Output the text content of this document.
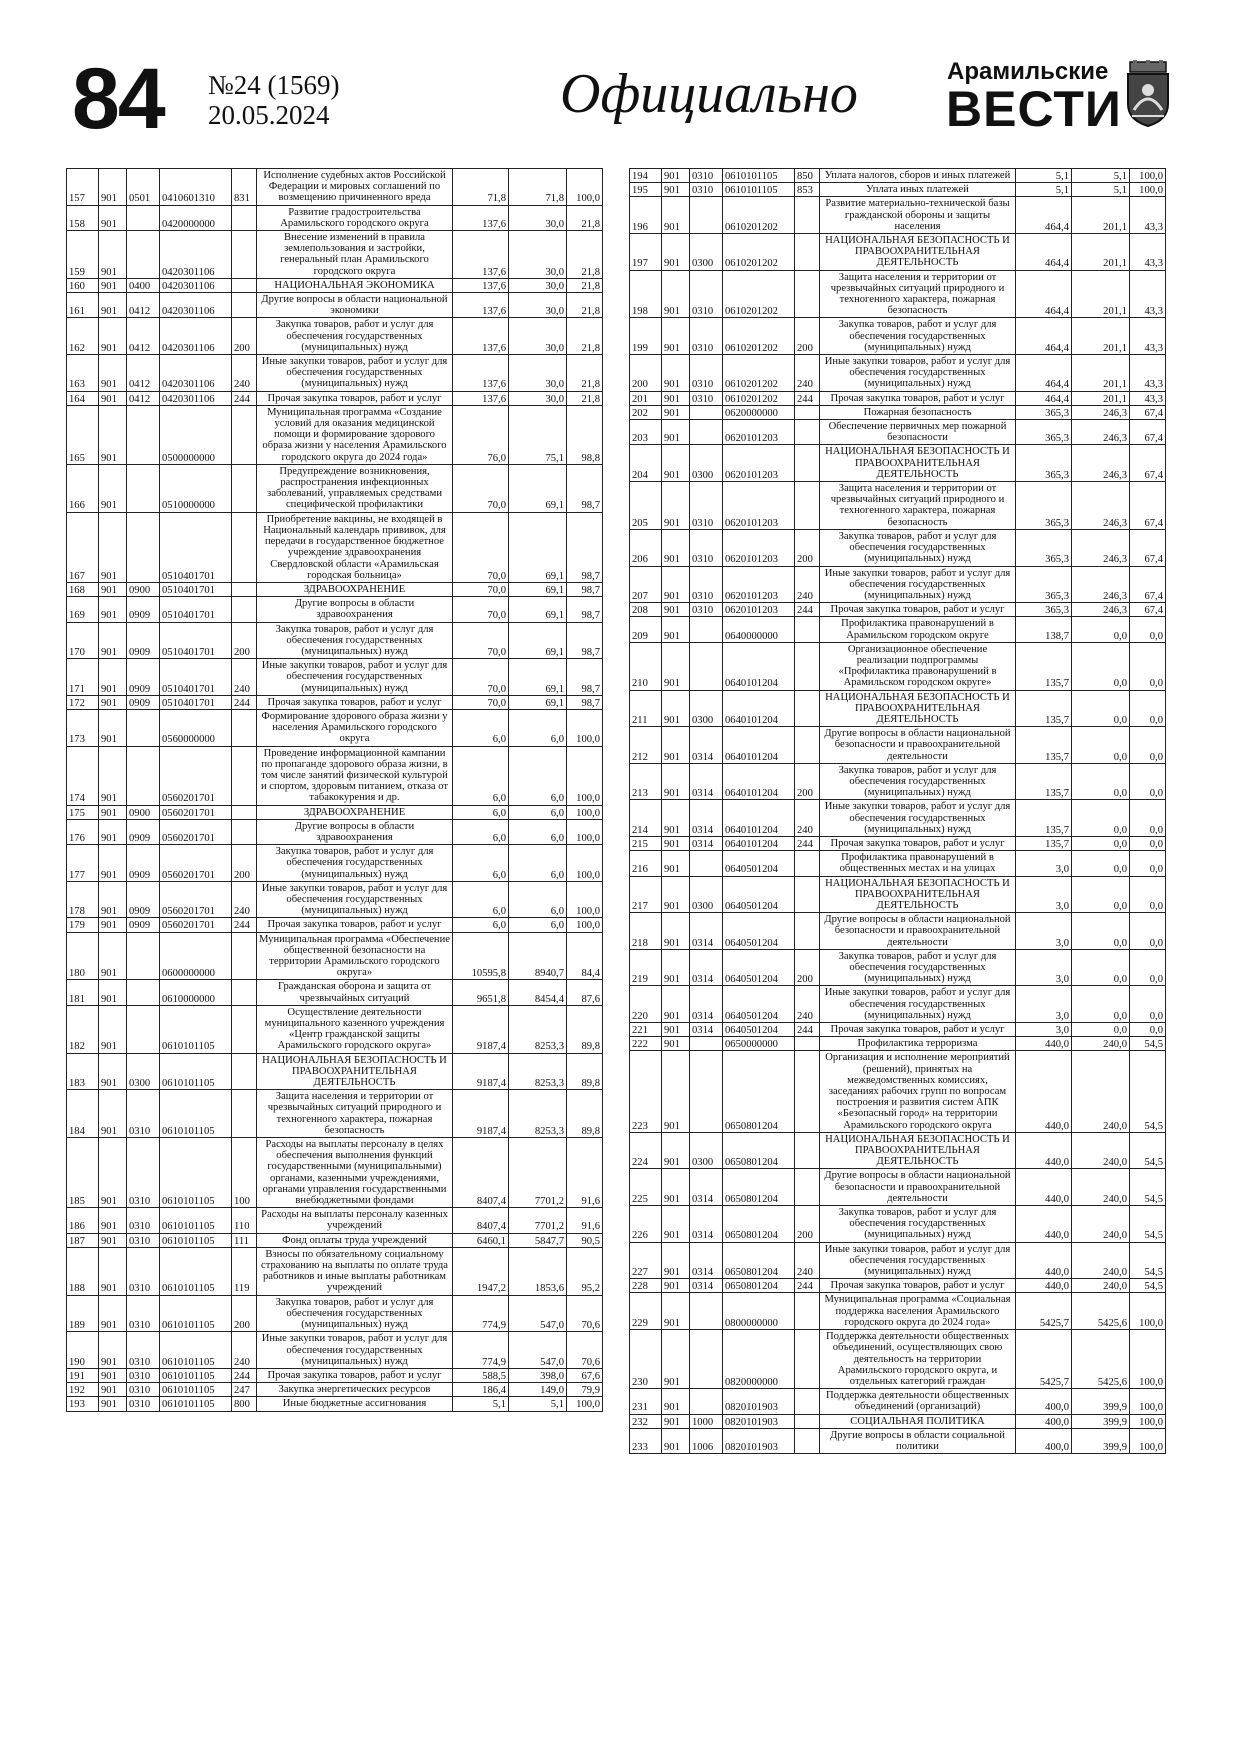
84 №24 (1569)
20.05.2024	Официально	Арамильские
ВЕСТИ
157	901	0501	0410601310	831	Исполнение судебных актов Российской Федерации и мировых соглашений по возмещению причиненного вреда	71,8	71,8	100,0
158	901		0420000000		Развитие градостроительства Арамильского городского округа	137,6	30,0	21,8
159	901		0420301106		Внесение изменений в правила землепользования и застройки, генеральный план Арамильского городского округа	137,6	30,0	21,8
160	901	0400	0420301106		НАЦИОНАЛЬНАЯ ЭКОНОМИКА	137,6	30,0	21,8
161	901	0412	0420301106		Другие вопросы в области национальной экономики	137,6	30,0	21,8
162	901	0412	0420301106	200	Закупка товаров, работ и услуг для обеспечения государственных (муниципальных) нужд	137,6	30,0	21,8
163	901	0412	0420301106	240	Иные закупки товаров, работ и услуг для обеспечения государственных (муниципальных) нужд	137,6	30,0	21,8
164	901	0412	0420301106	244	Прочая закупка товаров, работ и услуг	137,6	30,0	21,8
165	901		0500000000		Муниципальная программа «Создание условий для оказания медицинской помощи и формирование здорового образа жизни у населения Арамильского городского округа до 2024 года»	76,0	75,1	98,8
166	901		0510000000		Предупреждение возникновения, распространения инфекционных заболеваний, управляемых средствами специфической профилактики	70,0	69,1	98,7
167	901		0510401701		Приобретение вакцины, не входящей в Национальный календарь прививок, для передачи в государственное бюджетное учреждение здравоохранения Свердловской области «Арамильская городская больница»	70,0	69,1	98,7
168	901	0900	0510401701		ЗДРАВООХРАНЕНИЕ	70,0	69,1	98,7
169	901	0909	0510401701		Другие вопросы в области здравоохранения	70,0	69,1	98,7
170	901	0909	0510401701	200	Закупка товаров, работ и услуг для обеспечения государственных (муниципальных) нужд	70,0	69,1	98,7
171	901	0909	0510401701	240	Иные закупки товаров, работ и услуг для обеспечения государственных (муниципальных) нужд	70,0	69,1	98,7
172	901	0909	0510401701	244	Прочая закупка товаров, работ и услуг	70,0	69,1	98,7
173	901		0560000000		Формирование здорового образа жизни у населения Арамильского городского округа	6,0	6,0	100,0
174	901		0560201701		Проведение информационной кампании по пропаганде здорового образа жизни, в том числе занятий физической культурой и спортом, здоровым питанием, отказа от табакокурения и др.	6,0	6,0	100,0
175	901	0900	0560201701		ЗДРАВООХРАНЕНИЕ	6,0	6,0	100,0
176	901	0909	0560201701		Другие вопросы в области здравоохранения	6,0	6,0	100,0
177	901	0909	0560201701	200	Закупка товаров, работ и услуг для обеспечения государственных (муниципальных) нужд	6,0	6,0	100,0
178	901	0909	0560201701	240	Иные закупки товаров, работ и услуг для обеспечения государственных (муниципальных) нужд	6,0	6,0	100,0
179	901	0909	0560201701	244	Прочая закупка товаров, работ и услуг	6,0	6,0	100,0
180	901		0600000000		Муниципальная программа «Обеспечение общественной безопасности на территории Арамильского городского округа»	10595,8	8940,7	84,4
181	901		0610000000		Гражданская оборона и защита от чрезвычайных ситуаций	9651,8	8454,4	87,6
182	901		0610101105		Осуществление деятельности муниципального казенного учреждения «Центр гражданской защиты Арамильского городского округа»	9187,4	8253,3	89,8
183	901	0300	0610101105		НАЦИОНАЛЬНАЯ БЕЗОПАСНОСТЬ И ПРАВООХРАНИТЕЛЬНАЯ ДЕЯТЕЛЬНОСТЬ	9187,4	8253,3	89,8
184	901	0310	0610101105		Защита населения и территории от чрезвычайных ситуаций природного и техногенного характера, пожарная безопасность	9187,4	8253,3	89,8
185	901	0310	0610101105	100	Расходы на выплаты персоналу в целях обеспечения выполнения функций государственными (муниципальными) органами, казенными учреждениями, органами управления государственными внебюджетными фондами	8407,4	7701,2	91,6
186	901	0310	0610101105	110	Расходы на выплаты персоналу казенных учреждений	8407,4	7701,2	91,6
187	901	0310	0610101105	111	Фонд оплаты труда учреждений	6460,1	5847,7	90,5
188	901	0310	0610101105	119	Взносы по обязательному социальному страхованию на выплаты по оплате труда работников и иные выплаты работникам учреждений	1947,2	1853,6	95,2
189	901	0310	0610101105	200	Закупка товаров, работ и услуг для обеспечения государственных (муниципальных) нужд	774,9	547,0	70,6
190	901	0310	0610101105	240	Иные закупки товаров, работ и услуг для обеспечения государственных (муниципальных) нужд	774,9	547,0	70,6
191	901	0310	0610101105	244	Прочая закупка товаров, работ и услуг	588,5	398,0	67,6
192	901	0310	0610101105	247	Закупка энергетических ресурсов	186,4	149,0	79,9
193	901	0310	0610101105	800	Иные бюджетные ассигнования	5,1	5,1	100,0
194	901	0310	0610101105	850	Уплата налогов, сборов и иных платежей	5,1	5,1	100,0
195	901	0310	0610101105	853	Уплата иных платежей	5,1	5,1	100,0
196	901		0610201202		Развитие материально-технической базы гражданской обороны и защиты населения	464,4	201,1	43,3
197	901	0300	0610201202		НАЦИОНАЛЬНАЯ БЕЗОПАСНОСТЬ И ПРАВООХРАНИТЕЛЬНАЯ ДЕЯТЕЛЬНОСТЬ	464,4	201,1	43,3
198	901	0310	0610201202		Защита населения и территории от чрезвычайных ситуаций природного и техногенного характера, пожарная безопасность	464,4	201,1	43,3
199	901	0310	0610201202	200	Закупка товаров, работ и услуг для обеспечения государственных (муниципальных) нужд	464,4	201,1	43,3
200	901	0310	0610201202	240	Иные закупки товаров, работ и услуг для обеспечения государственных (муниципальных) нужд	464,4	201,1	43,3
201	901	0310	0610201202	244	Прочая закупка товаров, работ и услуг	464,4	201,1	43,3
202	901		0620000000		Пожарная безопасность	365,3	246,3	67,4
203	901		0620101203		Обеспечение первичных мер пожарной безопасности	365,3	246,3	67,4
204	901	0300	0620101203		НАЦИОНАЛЬНАЯ БЕЗОПАСНОСТЬ И ПРАВООХРАНИТЕЛЬНАЯ ДЕЯТЕЛЬНОСТЬ	365,3	246,3	67,4
205	901	0310	0620101203		Защита населения и территории от чрезвычайных ситуаций природного и техногенного характера, пожарная безопасность	365,3	246,3	67,4
206	901	0310	0620101203	200	Закупка товаров, работ и услуг для обеспечения государственных (муниципальных) нужд	365,3	246,3	67,4
207	901	0310	0620101203	240	Иные закупки товаров, работ и услуг для обеспечения государственных (муниципальных) нужд	365,3	246,3	67,4
208	901	0310	0620101203	244	Прочая закупка товаров, работ и услуг	365,3	246,3	67,4
209	901		0640000000		Профилактика правонарушений в Арамильском городском округе	138,7	0,0	0,0
210	901		0640101204		Организационное обеспечение реализации подпрограммы «Профилактика правонарушений в Арамильском городском округе»	135,7	0,0	0,0
211	901	0300	0640101204		НАЦИОНАЛЬНАЯ БЕЗОПАСНОСТЬ И ПРАВООХРАНИТЕЛЬНАЯ ДЕЯТЕЛЬНОСТЬ	135,7	0,0	0,0
212	901	0314	0640101204		Другие вопросы в области национальной безопасности и правоохранительной деятельности	135,7	0,0	0,0
213	901	0314	0640101204	200	Закупка товаров, работ и услуг для обеспечения государственных (муниципальных) нужд	135,7	0,0	0,0
214	901	0314	0640101204	240	Иные закупки товаров, работ и услуг для обеспечения государственных (муниципальных) нужд	135,7	0,0	0,0
215	901	0314	0640101204	244	Прочая закупка товаров, работ и услуг	135,7	0,0	0,0
216	901		0640501204		Профилактика правонарушений в общественных местах и на улицах	3,0	0,0	0,0
217	901	0300	0640501204		НАЦИОНАЛЬНАЯ БЕЗОПАСНОСТЬ И ПРАВООХРАНИТЕЛЬНАЯ ДЕЯТЕЛЬНОСТЬ	3,0	0,0	0,0
218	901	0314	0640501204		Другие вопросы в области национальной безопасности и правоохранительной деятельности	3,0	0,0	0,0
219	901	0314	0640501204	200	Закупка товаров, работ и услуг для обеспечения государственных (муниципальных) нужд	3,0	0,0	0,0
220	901	0314	0640501204	240	Иные закупки товаров, работ и услуг для обеспечения государственных (муниципальных) нужд	3,0	0,0	0,0
221	901	0314	0640501204	244	Прочая закупка товаров, работ и услуг	3,0	0,0	0,0
222	901		0650000000		Профилактика терроризма	440,0	240,0	54,5
223	901		0650801204		Организация и исполнение мероприятий (решений), принятых на межведомственных комиссиях, заседаниях рабочих групп по вопросам построения и развития систем АПК «Безопасный город» на территории Арамильского городского округа	440,0	240,0	54,5
224	901	0300	0650801204		НАЦИОНАЛЬНАЯ БЕЗОПАСНОСТЬ И ПРАВООХРАНИТЕЛЬНАЯ ДЕЯТЕЛЬНОСТЬ	440,0	240,0	54,5
225	901	0314	0650801204		Другие вопросы в области национальной безопасности и правоохранительной деятельности	440,0	240,0	54,5
226	901	0314	0650801204	200	Закупка товаров, работ и услуг для обеспечения государственных (муниципальных) нужд	440,0	240,0	54,5
227	901	0314	0650801204	240	Иные закупки товаров, работ и услуг для обеспечения государственных (муниципальных) нужд	440,0	240,0	54,5
228	901	0314	0650801204	244	Прочая закупка товаров, работ и услуг	440,0	240,0	54,5
229	901		0800000000		Муниципальная программа «Социальная поддержка населения Арамильского городского округа до 2024 года»	5425,7	5425,6	100,0
230	901		0820000000		Поддержка деятельности общественных объединений, осуществляющих свою деятельность на территории Арамильского городского округа, и отдельных категорий граждан	5425,7	5425,6	100,0
231	901		0820101903		Поддержка деятельности общественных объединений (организаций)	400,0	399,9	100,0
232	901	1000	0820101903		СОЦИАЛЬНАЯ ПОЛИТИКА	400,0	399,9	100,0
233	901	1006	0820101903		Другие вопросы в области социальной политики	400,0	399,9	100,0
